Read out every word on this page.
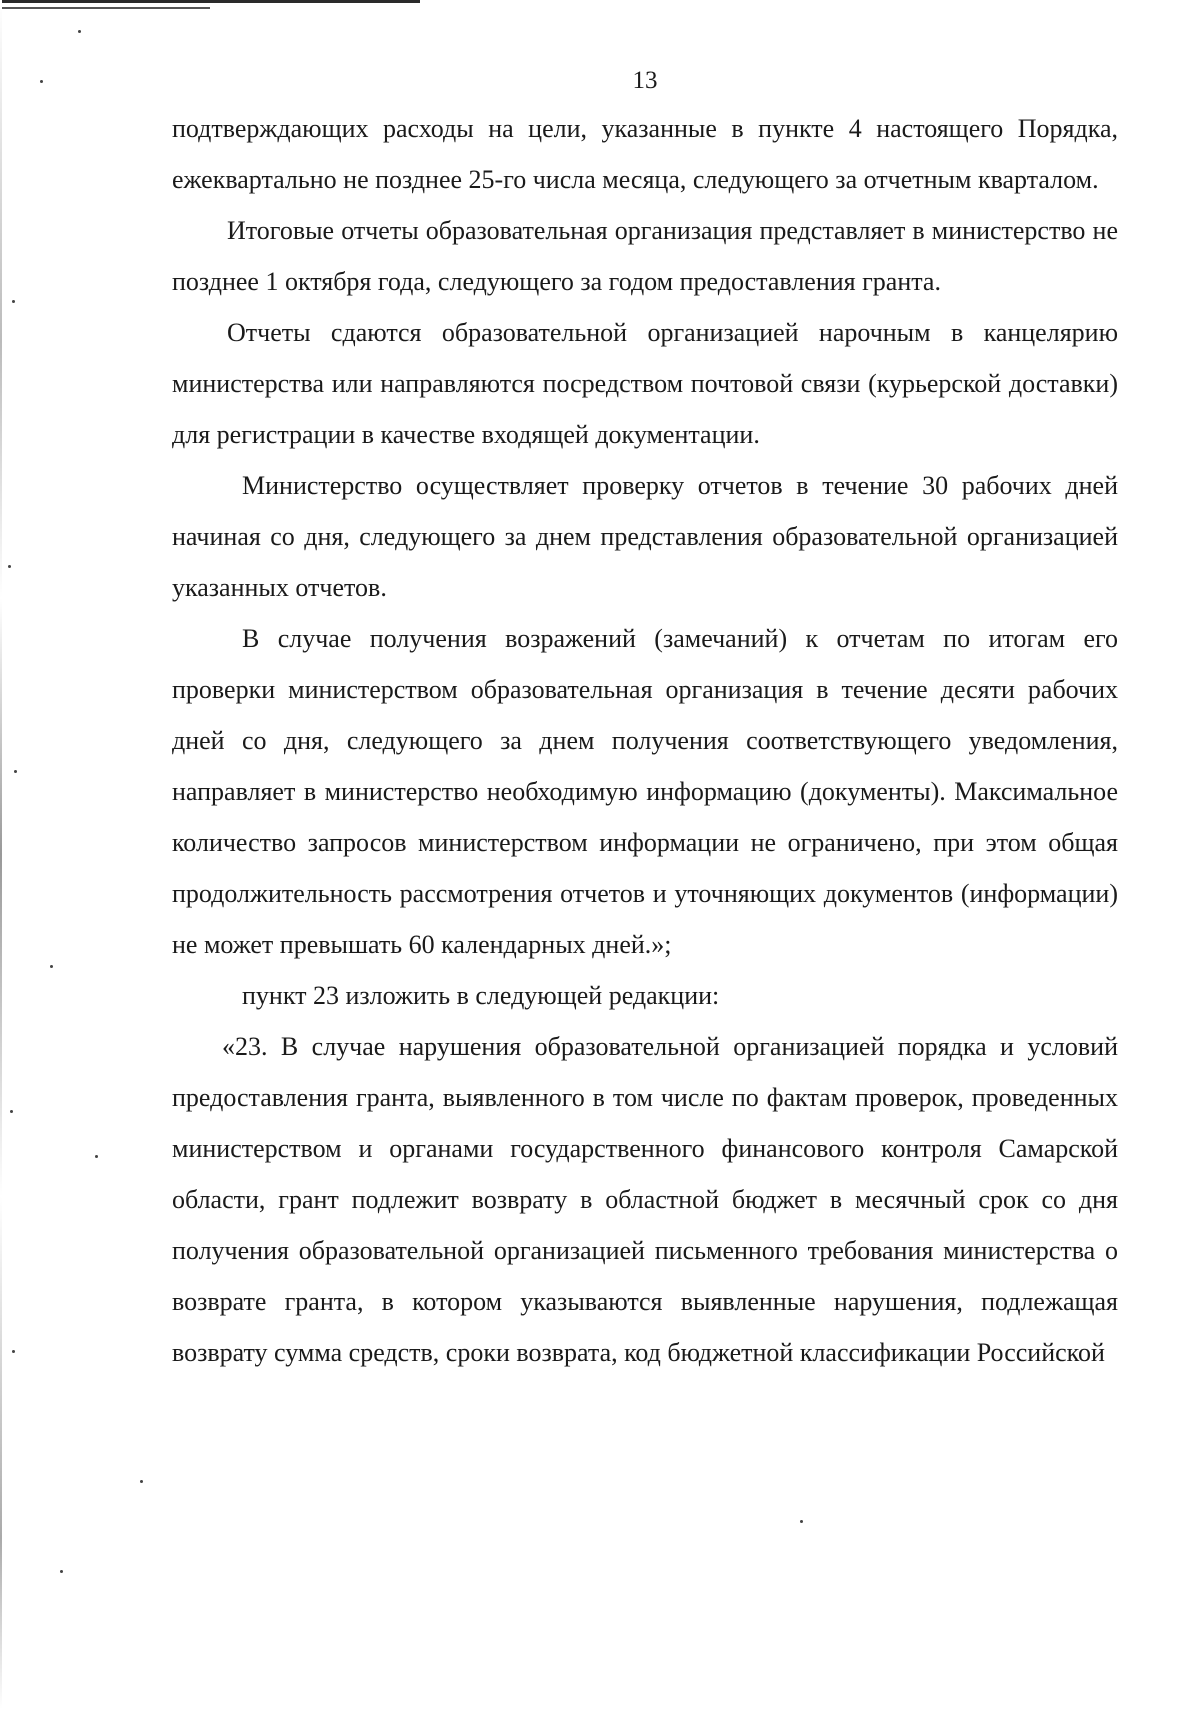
13

подтверждающих расходы на цели, указанные в пункте 4 настоящего Порядка, ежеквартально не позднее 25-го числа месяца, следующего за отчетным кварталом.

Итоговые отчеты образовательная организация представляет в министерство не позднее 1 октября года, следующего за годом предоставления гранта.

Отчеты сдаются образовательной организацией нарочным в канцелярию министерства или направляются посредством почтовой связи (курьерской доставки) для регистрации в качестве входящей документации.

Министерство осуществляет проверку отчетов в течение 30 рабочих дней начиная со дня, следующего за днем представления образовательной организацией указанных отчетов.

В случае получения возражений (замечаний) к отчетам по итогам его проверки министерством образовательная организация в течение десяти рабочих дней со дня, следующего за днем получения соответствующего уведомления, направляет в министерство необходимую информацию (документы). Максимальное количество запросов министерством информации не ограничено, при этом общая продолжительность рассмотрения отчетов и уточняющих документов (информации) не может превышать 60 календарных дней.»;

пункт 23 изложить в следующей редакции:

«23. В случае нарушения образовательной организацией порядка и условий предоставления гранта, выявленного в том числе по фактам проверок, проведенных министерством и органами государственного финансового контроля Самарской области, грант подлежит возврату в областной бюджет в месячный срок со дня получения образовательной организацией письменного требования министерства о возврате гранта, в котором указываются выявленные нарушения, подлежащая возврату сумма средств, сроки возврата, код бюджетной классификации Российской
